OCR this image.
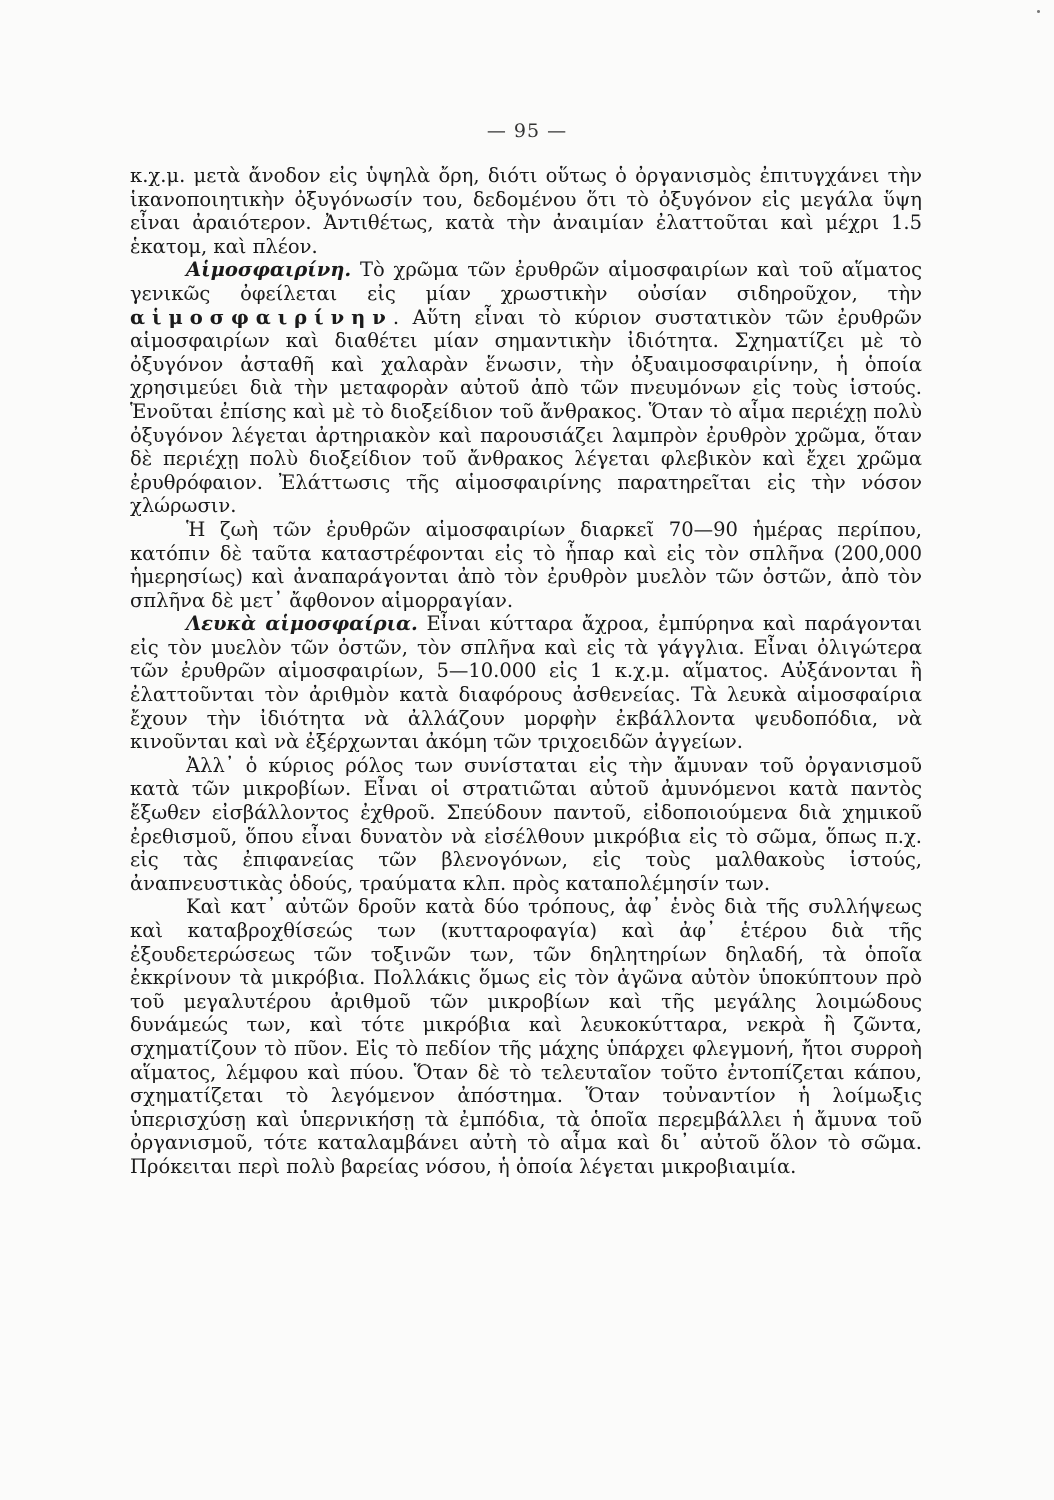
— 95 —

κ.χ.μ. μετὰ ἄνοδον εἰς ὑψηλὰ ὄρη, διότι οὕτως ὁ ὀργανισμὸς ἐπιτυγχάνει τὴν ἱκανοποιητικὴν ὀξυγόνωσίν του, δεδομένου ὅτι τὸ ὀξυγόνον εἰς μεγάλα ὕψη εἶναι ἀραιότερον. Ἀντιθέτως, κατὰ τὴν ἀναιμίαν ἐλαττοῦται καὶ μέχρι 1.5 ἑκατομ, καὶ πλέον.

Αἱμοσφαιρίνη. Τὸ χρῶμα τῶν ἐρυθρῶν αἱμοσφαιρίων καὶ τοῦ αἵματος γενικῶς ὀφείλεται εἰς μίαν χρωστικὴν οὐσίαν σιδηροῦχον, τὴν αἱμοσφαιρίνην. Αὕτη εἶναι τὸ κύριον συστατικὸν τῶν ἐρυθρῶν αἱμοσφαιρίων καὶ διαθέτει μίαν σημαντικὴν ἰδιότητα. Σχηματίζει μὲ τὸ ὀξυγόνον ἀσταθῆ καὶ χαλαρὰν ἕνωσιν, τὴν ὀξυαιμοσφαιρίνην, ἡ ὁποία χρησιμεύει διὰ τὴν μεταφορὰν αὐτοῦ ἀπὸ τῶν πνευμόνων εἰς τοὺς ἱστούς. Ἑνοῦται ἐπίσης καὶ μὲ τὸ διοξείδιον τοῦ ἄνθρακος. Ὅταν τὸ αἷμα περιέχῃ πολὺ ὀξυγόνον λέγεται ἀρτηριακὸν καὶ παρουσιάζει λαμπρὸν ἐρυθρὸν χρῶμα, ὅταν δὲ περιέχῃ πολὺ διοξείδιον τοῦ ἄνθρακος λέγεται φλεβικὸν καὶ ἔχει χρῶμα ἐρυθρόφαιον. Ἐλάττωσις τῆς αἱμοσφαιρίνης παρατηρεῖται εἰς τὴν νόσον χλώρωσιν.

Ἡ ζωὴ τῶν ἐρυθρῶν αἱμοσφαιρίων διαρκεῖ 70—90 ἡμέρας περίπου, κατόπιν δὲ ταῦτα καταστρέφονται εἰς τὸ ἧπαρ καὶ εἰς τὸν σπλῆνα (200,000 ἡμερησίως) καὶ ἀναπαράγονται ἀπὸ τὸν ἐρυθρὸν μυελὸν τῶν ὀστῶν, ἀπὸ τὸν σπλῆνα δὲ μετ᾽ ἄφθονον αἱμορραγίαν.

Λευκὰ αἱμοσφαίρια. Εἶναι κύτταρα ἄχροα, ἐμπύρηνα καὶ παράγονται εἰς τὸν μυελὸν τῶν ὀστῶν, τὸν σπλῆνα καὶ εἰς τὰ γάγγλια. Εἶναι ὀλιγώτερα τῶν ἐρυθρῶν αἱμοσφαιρίων, 5—10.000 εἰς 1 κ.χ.μ. αἵματος. Αὐξάνονται ἢ ἐλαττοῦνται τὸν ἀριθμὸν κατὰ διαφόρους ἀσθενείας. Τὰ λευκὰ αἱμοσφαίρια ἔχουν τὴν ἰδιότητα νὰ ἀλλάζουν μορφὴν ἐκβάλλοντα ψευδοπόδια, νὰ κινοῦνται καὶ νὰ ἐξέρχωνται ἀκόμη τῶν τριχοειδῶν ἀγγείων.

Ἀλλ᾽ ὁ κύριος ρόλος των συνίσταται εἰς τὴν ἄμυναν τοῦ ὀργανισμοῦ κατὰ τῶν μικροβίων. Εἶναι οἱ στρατιῶται αὐτοῦ ἀμυνόμενοι κατὰ παντὸς ἔξωθεν εἰσβάλλοντος ἐχθροῦ. Σπεύδουν παντοῦ, εἰδοποιούμενα διὰ χημικοῦ ἐρεθισμοῦ, ὅπου εἶναι δυνατὸν νὰ εἰσέλθουν μικρόβια εἰς τὸ σῶμα, ὅπως π.χ. εἰς τὰς ἐπιφανείας τῶν βλενογόνων, εἰς τοὺς μαλθακοὺς ἱστούς, ἀναπνευστικὰς ὁδούς, τραύματα κλπ. πρὸς καταπολέμησίν των.

Καὶ κατ᾽ αὐτῶν δροῦν κατὰ δύο τρόπους, ἀφ᾽ ἑνὸς διὰ τῆς συλλήψεως καὶ καταβροχθίσεώς των (κυτταροφαγία) καὶ ἀφ᾽ ἑτέρου διὰ τῆς ἐξουδετερώσεως τῶν τοξινῶν των, τῶν δηλητηρίων δηλαδή, τὰ ὁποῖα ἐκκρίνουν τὰ μικρόβια. Πολλάκις ὅμως εἰς τὸν ἀγῶνα αὐτὸν ὑποκύπτουν πρὸ τοῦ μεγαλυτέρου ἀριθμοῦ τῶν μικροβίων καὶ τῆς μεγάλης λοιμώδους δυνάμεώς των, καὶ τότε μικρόβια καὶ λευκοκύτταρα, νεκρὰ ἢ ζῶντα, σχηματίζουν τὸ πῦον. Εἰς τὸ πεδίον τῆς μάχης ὑπάρχει φλεγμονή, ἤτοι συρροὴ αἵματος, λέμφου καὶ πύου. Ὅταν δὲ τὸ τελευταῖον τοῦτο ἐντοπίζεται κάπου, σχηματίζεται τὸ λεγόμενον ἀπόστημα. Ὅταν τοὐναντίον ἡ λοίμωξις ὑπερισχύσῃ καὶ ὑπερνικήσῃ τὰ ἐμπόδια, τὰ ὁποῖα περεμβάλλει ἡ ἄμυνα τοῦ ὀργανισμοῦ, τότε καταλαμβάνει αὐτὴ τὸ αἷμα καὶ δι᾽ αὐτοῦ ὅλον τὸ σῶμα. Πρόκειται περὶ πολὺ βαρείας νόσου, ἡ ὁποία λέγεται μικροβιαιμία.
